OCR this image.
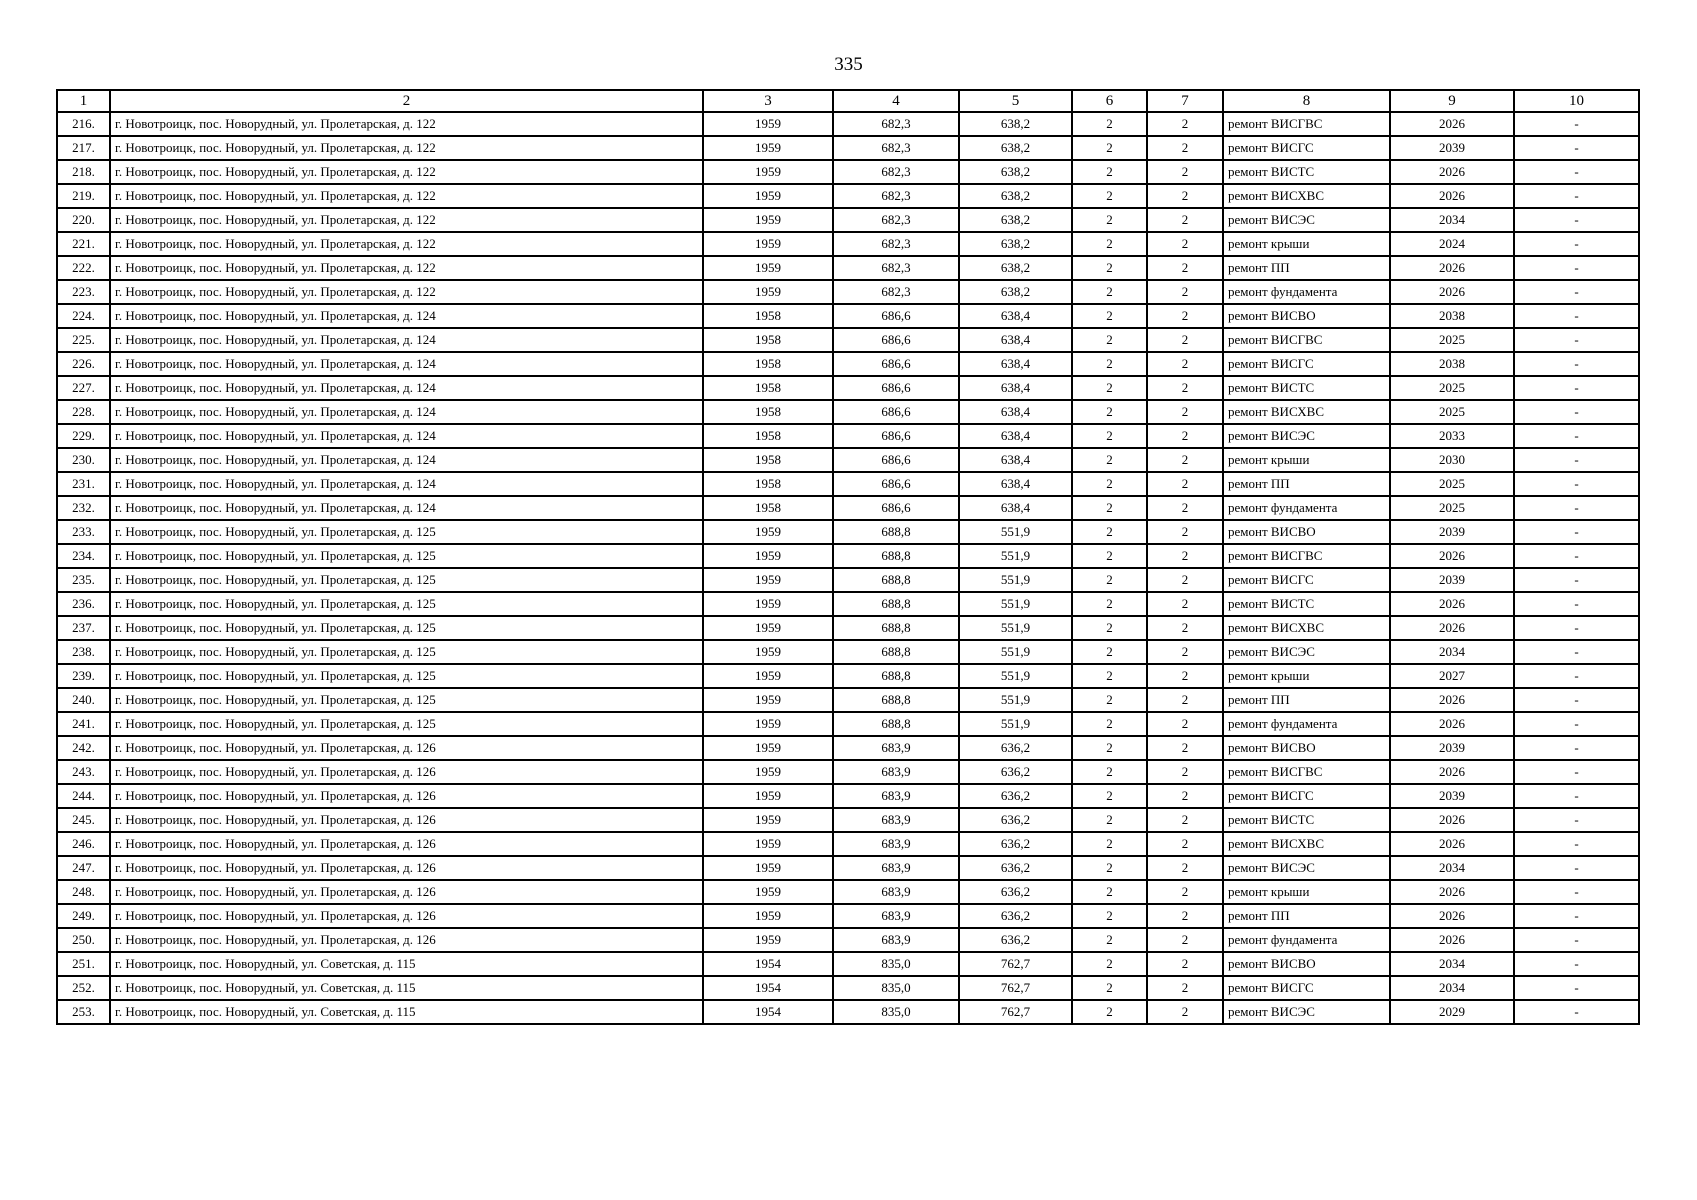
335
1	2	3	4	5	6	7	8	9	10
216.	г. Новотроицк, пос. Новорудный, ул. Пролетарская, д. 122	1959	682,3	638,2	2	2	ремонт ВИСГВС	2026	-
217.	г. Новотроицк, пос. Новорудный, ул. Пролетарская, д. 122	1959	682,3	638,2	2	2	ремонт ВИСГС	2039	-
218.	г. Новотроицк, пос. Новорудный, ул. Пролетарская, д. 122	1959	682,3	638,2	2	2	ремонт ВИСТС	2026	-
219.	г. Новотроицк, пос. Новорудный, ул. Пролетарская, д. 122	1959	682,3	638,2	2	2	ремонт ВИСХВС	2026	-
220.	г. Новотроицк, пос. Новорудный, ул. Пролетарская, д. 122	1959	682,3	638,2	2	2	ремонт ВИСЭС	2034	-
221.	г. Новотроицк, пос. Новорудный, ул. Пролетарская, д. 122	1959	682,3	638,2	2	2	ремонт крыши	2024	-
222.	г. Новотроицк, пос. Новорудный, ул. Пролетарская, д. 122	1959	682,3	638,2	2	2	ремонт ПП	2026	-
223.	г. Новотроицк, пос. Новорудный, ул. Пролетарская, д. 122	1959	682,3	638,2	2	2	ремонт фундамента	2026	-
224.	г. Новотроицк, пос. Новорудный, ул. Пролетарская, д. 124	1958	686,6	638,4	2	2	ремонт ВИСВО	2038	-
225.	г. Новотроицк, пос. Новорудный, ул. Пролетарская, д. 124	1958	686,6	638,4	2	2	ремонт ВИСГВС	2025	-
226.	г. Новотроицк, пос. Новорудный, ул. Пролетарская, д. 124	1958	686,6	638,4	2	2	ремонт ВИСГС	2038	-
227.	г. Новотроицк, пос. Новорудный, ул. Пролетарская, д. 124	1958	686,6	638,4	2	2	ремонт ВИСТС	2025	-
228.	г. Новотроицк, пос. Новорудный, ул. Пролетарская, д. 124	1958	686,6	638,4	2	2	ремонт ВИСХВС	2025	-
229.	г. Новотроицк, пос. Новорудный, ул. Пролетарская, д. 124	1958	686,6	638,4	2	2	ремонт ВИСЭС	2033	-
230.	г. Новотроицк, пос. Новорудный, ул. Пролетарская, д. 124	1958	686,6	638,4	2	2	ремонт крыши	2030	-
231.	г. Новотроицк, пос. Новорудный, ул. Пролетарская, д. 124	1958	686,6	638,4	2	2	ремонт ПП	2025	-
232.	г. Новотроицк, пос. Новорудный, ул. Пролетарская, д. 124	1958	686,6	638,4	2	2	ремонт фундамента	2025	-
233.	г. Новотроицк, пос. Новорудный, ул. Пролетарская, д. 125	1959	688,8	551,9	2	2	ремонт ВИСВО	2039	-
234.	г. Новотроицк, пос. Новорудный, ул. Пролетарская, д. 125	1959	688,8	551,9	2	2	ремонт ВИСГВС	2026	-
235.	г. Новотроицк, пос. Новорудный, ул. Пролетарская, д. 125	1959	688,8	551,9	2	2	ремонт ВИСГС	2039	-
236.	г. Новотроицк, пос. Новорудный, ул. Пролетарская, д. 125	1959	688,8	551,9	2	2	ремонт ВИСТС	2026	-
237.	г. Новотроицк, пос. Новорудный, ул. Пролетарская, д. 125	1959	688,8	551,9	2	2	ремонт ВИСХВС	2026	-
238.	г. Новотроицк, пос. Новорудный, ул. Пролетарская, д. 125	1959	688,8	551,9	2	2	ремонт ВИСЭС	2034	-
239.	г. Новотроицк, пос. Новорудный, ул. Пролетарская, д. 125	1959	688,8	551,9	2	2	ремонт крыши	2027	-
240.	г. Новотроицк, пос. Новорудный, ул. Пролетарская, д. 125	1959	688,8	551,9	2	2	ремонт ПП	2026	-
241.	г. Новотроицк, пос. Новорудный, ул. Пролетарская, д. 125	1959	688,8	551,9	2	2	ремонт фундамента	2026	-
242.	г. Новотроицк, пос. Новорудный, ул. Пролетарская, д. 126	1959	683,9	636,2	2	2	ремонт ВИСВО	2039	-
243.	г. Новотроицк, пос. Новорудный, ул. Пролетарская, д. 126	1959	683,9	636,2	2	2	ремонт ВИСГВС	2026	-
244.	г. Новотроицк, пос. Новорудный, ул. Пролетарская, д. 126	1959	683,9	636,2	2	2	ремонт ВИСГС	2039	-
245.	г. Новотроицк, пос. Новорудный, ул. Пролетарская, д. 126	1959	683,9	636,2	2	2	ремонт ВИСТС	2026	-
246.	г. Новотроицк, пос. Новорудный, ул. Пролетарская, д. 126	1959	683,9	636,2	2	2	ремонт ВИСХВС	2026	-
247.	г. Новотроицк, пос. Новорудный, ул. Пролетарская, д. 126	1959	683,9	636,2	2	2	ремонт ВИСЭС	2034	-
248.	г. Новотроицк, пос. Новорудный, ул. Пролетарская, д. 126	1959	683,9	636,2	2	2	ремонт крыши	2026	-
249.	г. Новотроицк, пос. Новорудный, ул. Пролетарская, д. 126	1959	683,9	636,2	2	2	ремонт ПП	2026	-
250.	г. Новотроицк, пос. Новорудный, ул. Пролетарская, д. 126	1959	683,9	636,2	2	2	ремонт фундамента	2026	-
251.	г. Новотроицк, пос. Новорудный, ул. Советская, д. 115	1954	835,0	762,7	2	2	ремонт ВИСВО	2034	-
252.	г. Новотроицк, пос. Новорудный, ул. Советская, д. 115	1954	835,0	762,7	2	2	ремонт ВИСГС	2034	-
253.	г. Новотроицк, пос. Новорудный, ул. Советская, д. 115	1954	835,0	762,7	2	2	ремонт ВИСЭС	2029	-
